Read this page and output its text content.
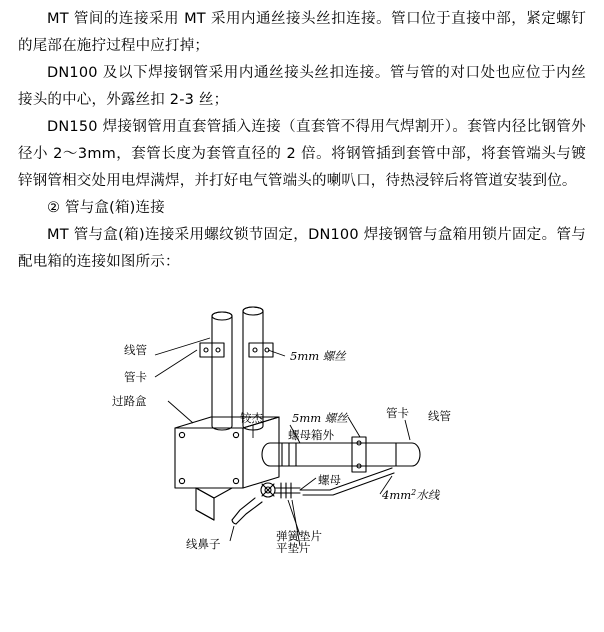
MT 管间的连接采用 MT 采用内通丝接头丝扣连接。管口位于直接中部，紧定螺钉的尾部在施拧过程中应打掉；

DN100 及以下焊接钢管采用内通丝接头丝扣连接。管与管的对口处也应位于内丝接头的中心，外露丝扣 2-3 丝；

DN150 焊接钢管用直套管插入连接（直套管不得用气焊割开）。套管内径比钢管外径小 2～3mm，套管长度为套管直径的 2 倍。将钢管插到套管中部，将套管端头与镀锌钢管相交处用电焊满焊，并打好电气管端头的喇叭口，待热浸锌后将管道安装到位。

② 管与盒(箱)连接

MT 管与盒(箱)连接采用螺纹锁节固定，DN100 焊接钢管与盒箱用锁片固定。管与配电箱的连接如图所示：

线管
管卡
5mm 螺丝
过路盒
铰杰	5mm 螺丝
螺母箱外
管卡 线管
螺母
$4mm^2$水线
线鼻子
弹簧垫片
平垫片
